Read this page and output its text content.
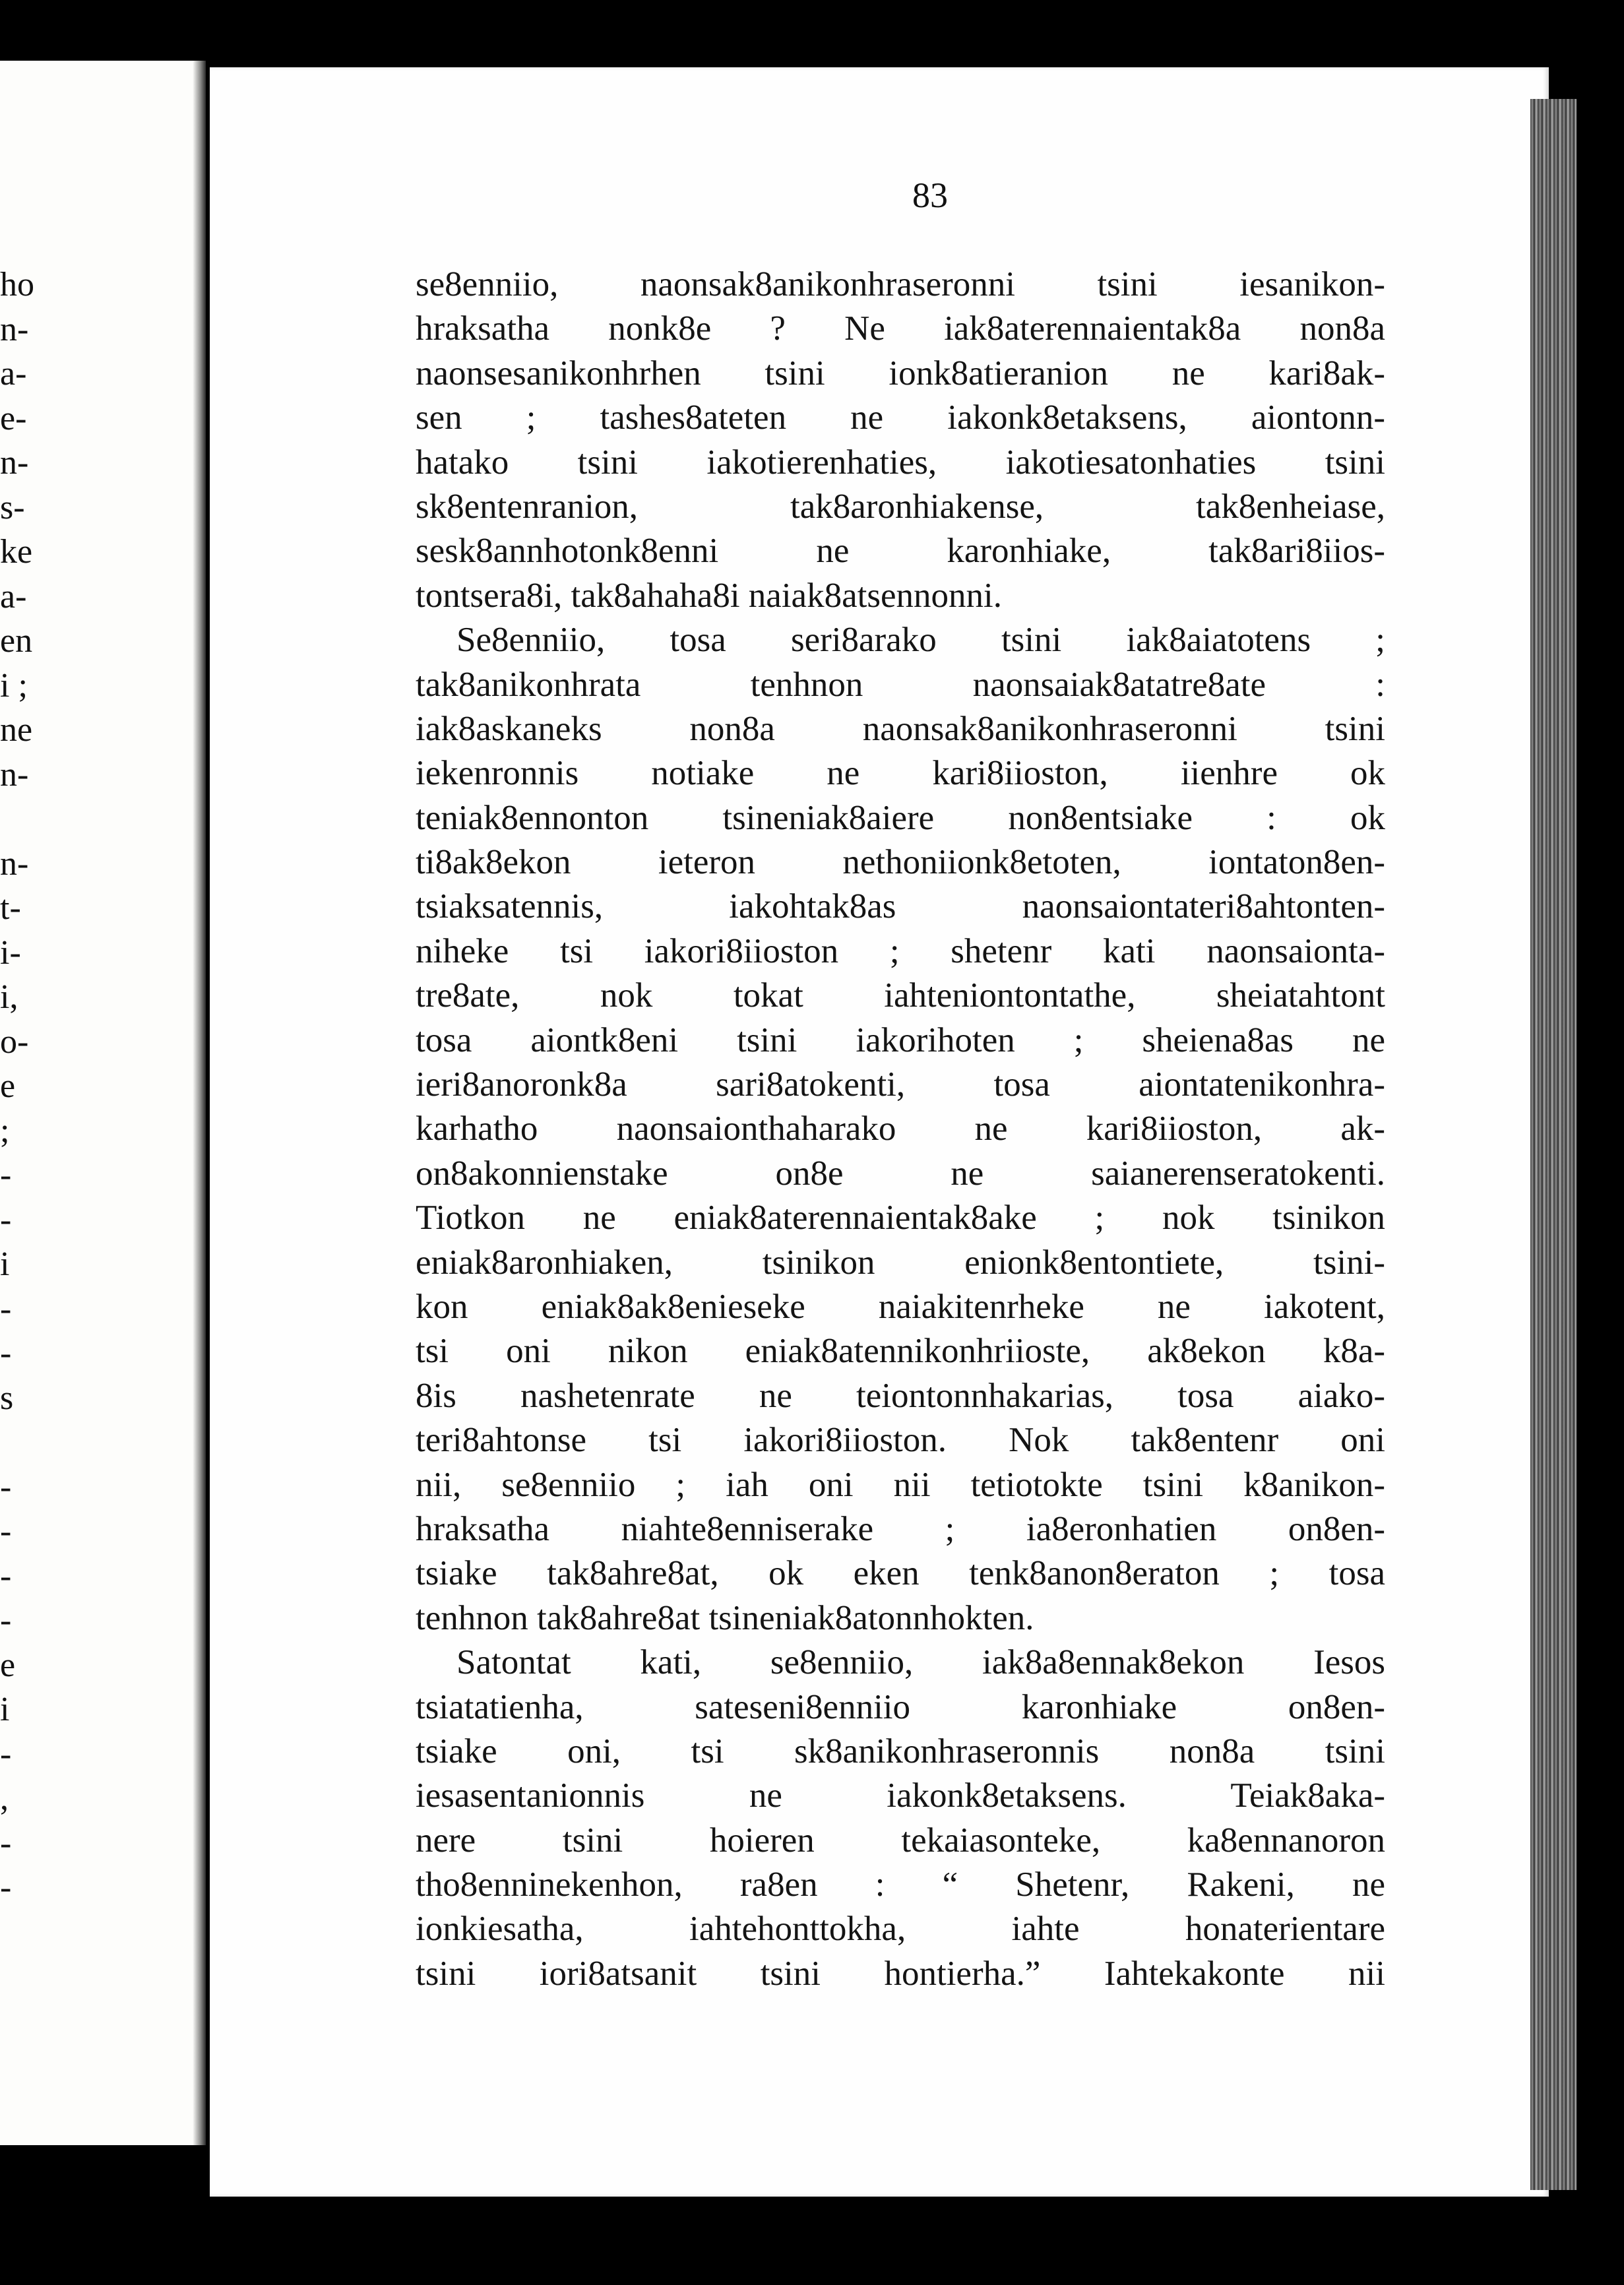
ho
n-
a-
e-
n-
s-
ke
a-
en
i ;
ne
n-
n-
t-
i-
i,
o-
e
;
-
-
i
-
-
s
-
-
-
-
e
i
-
,
-
-
83
se8enniio, naonsak8anikonhraseronni tsini iesanikon-
hraksatha nonk8e ? Ne iak8aterennaientak8a non8a
naonsesanikonhrhen tsini ionk8atieranion ne kari8ak-
sen ; tashes8ateten ne iakonk8etaksens, aiontonn-
hatako tsini iakotierenhaties, iakotiesatonhaties tsini
sk8entenranion, tak8aronhiakense, tak8enheiase,
sesk8annhotonk8enni ne karonhiake, tak8ari8iios-
tontsera8i, tak8ahaha8i naiak8atsennonni.
Se8enniio, tosa seri8arako tsini iak8aiatotens ;
tak8anikonhrata tenhnon naonsaiak8atatre8ate :
iak8askaneks non8a naonsak8anikonhraseronni tsini
iekenronnis notiake ne kari8iioston, iienhre ok
teniak8ennonton tsineniak8aiere non8entsiake : ok
ti8ak8ekon ieteron nethoniionk8etoten, iontaton8en-
tsiaksatennis, iakohtak8as naonsaiontateri8ahtonten-
niheke tsi iakori8iioston ; shetenr kati naonsaionta-
tre8ate, nok tokat iahteniontontathe, sheiatahtont
tosa aiontk8eni tsini iakorihoten ; sheiena8as ne
ieri8anoronk8a sari8atokenti, tosa aiontatenikonhra-
karhatho naonsaionthaharako ne kari8iioston, ak-
on8akonnienstake on8e ne saianerenseratokenti.
Tiotkon ne eniak8aterennaientak8ake ; nok tsinikon
eniak8aronhiaken, tsinikon enionk8entontiete, tsini-
kon eniak8ak8enieseke naiakitenrheke ne iakotent,
tsi oni nikon eniak8atennikonhriioste, ak8ekon k8a-
8is nashetenrate ne teiontonnhakarias, tosa aiako-
teri8ahtonse tsi iakori8iioston. Nok tak8entenr oni
nii, se8enniio ; iah oni nii tetiotokte tsini k8anikon-
hraksatha niahte8enniserake ; ia8eronhatien on8en-
tsiake tak8ahre8at, ok eken tenk8anon8eraton ; tosa
tenhnon tak8ahre8at tsineniak8atonnhokten.
Satontat kati, se8enniio, iak8a8ennak8ekon Iesos
tsiatatienha, sateseni8enniio karonhiake on8en-
tsiake oni, tsi sk8anikonhraseronnis non8a tsini
iesasentanionnis ne iakonk8etaksens. Teiak8aka-
nere tsini hoieren tekaiasonteke, ka8ennanoron
tho8enninekenhon, ra8en : “ Shetenr, Rakeni, ne
ionkiesatha, iahtehonttokha, iahte honaterientare
tsini iori8atsanit tsini hontierha.” Iahtekakonte nii
